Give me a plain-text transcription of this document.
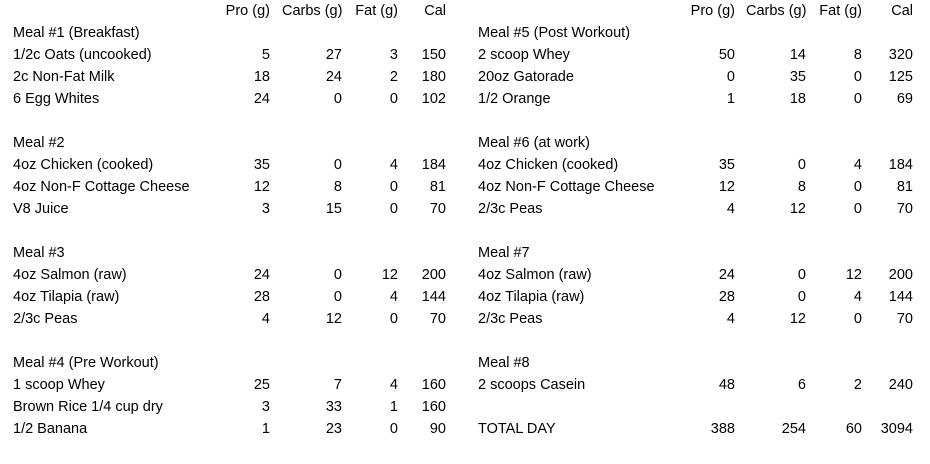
Pro (g) Carbs (g) Fat (g)	Cal
Meal #1 (Breakfast)
1/2c Oats (uncooked)	5	27	3	150
2c Non-Fat Milk	18	24	2	180
6 Egg Whites	24	0	0	102
Meal #2
4oz Chicken (cooked)	35	0	4	184
4oz Non-F Cottage Cheese	12	8	0	81
V8 Juice	3	15	0	70
Meal #3
4oz Salmon (raw)	24	0	12	200
4oz Tilapia (raw)	28	0	4	144
2/3c Peas	4	12	0	70
Meal #4 (Pre Workout)
1 scoop Whey	25	7	4	160
Brown Rice 1/4 cup dry	3	33	1	160
1/2 Banana	1	23	0	90
Pro (g) Carbs (g) Fat (g)	Cal
Meal #5 (Post Workout)
2 scoop Whey	50	14	8	320
20oz Gatorade	0	35	0	125
1/2 Orange	1	18	0	69
Meal #6 (at work)
4oz Chicken (cooked)	35	0	4	184
4oz Non-F Cottage Cheese	12	8	0	81
2/3c Peas	4	12	0	70
Meal #7
4oz Salmon (raw)	24	0	12	200
4oz Tilapia (raw)	28	0	4	144
2/3c Peas	4	12	0	70
Meal #8
2 scoops Casein	48	6	2	240
TOTAL DAY	388	254	60	3094
